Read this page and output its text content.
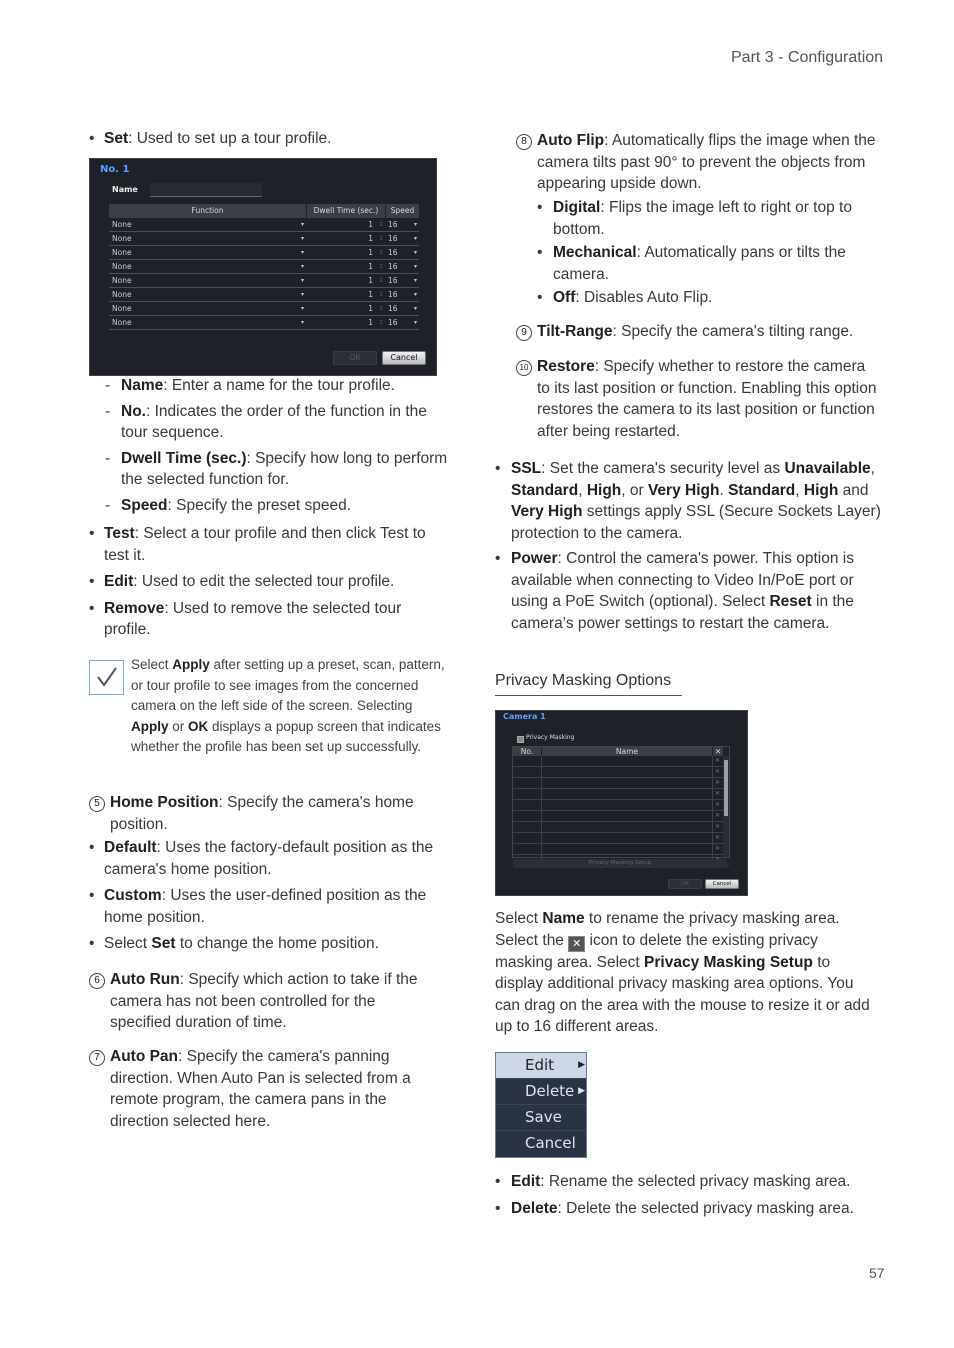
Part 3 - Configuration
• Set: Used to set up a tour profile.
No. 1
Name
Function	Dwell Time (sec.)	Speed
None	▾	1 ⁝ 16	▾
None	▾	1 ⁝ 16	▾
None	▾	1 ⁝ 16	▾
None	▾	1 ⁝ 16	▾
None	▾	1 ⁝ 16	▾
None	▾	1 ⁝ 16	▾
None	▾	1 ⁝ 16	▾
None	▾	1 ⁝ 16	▾
OK	Cancel
- Name: Enter a name for the tour profile.
- No.: Indicates the order of the function in the tour sequence.
- Dwell Time (sec.): Specify how long to perform the selected function for.
- Speed: Specify the preset speed.
• Test: Select a tour profile and then click Test to test it.
• Edit: Used to edit the selected tour profile.
• Remove: Used to remove the selected tour profile.
Select Apply after setting up a preset, scan, pattern, or tour profile to see images from the concerned camera on the left side of the screen. Selecting Apply or OK displays a popup screen that indicates whether the profile has been set up successfully.
5 Home Position: Specify the camera's home position.
• Default: Uses the factory-default position as the camera's home position.
• Custom: Uses the user-defined position as the home position.
• Select Set to change the home position.
6 Auto Run: Specify which action to take if the camera has not been controlled for the specified duration of time.
7 Auto Pan: Specify the camera's panning direction. When Auto Pan is selected from a remote program, the camera pans in the direction selected here.
8 Auto Flip: Automatically flips the image when the camera tilts past 90° to prevent the objects from appearing upside down.
• Digital: Flips the image left to right or top to bottom.
• Mechanical: Automatically pans or tilts the camera.
• Off: Disables Auto Flip.
9 Tilt-Range: Specify the camera's tilting range.
10 Restore: Specify whether to restore the camera to its last position or function. Enabling this option restores the camera to its last position or function after being restarted.
• SSL: Set the camera's security level as Unavailable, Standard, High, or Very High. Standard, High and Very High settings apply SSL (Secure Sockets Layer) protection to the camera.
• Power: Control the camera's power. This option is available when connecting to Video In/PoE port or using a PoE Switch (optional). Select Reset in the camera’s power settings to restart the camera.
Privacy Masking Options
Camera 1
Privacy Masking
No.	Name	✕
✕
✕
✕
✕
✕
✕
✕
✕
✕
Privacy Masking Setup
OK	Cancel
Select Name to rename the privacy masking area. Select the ✕ icon to delete the existing privacy masking area. Select Privacy Masking Setup to display additional privacy masking area options. You can drag on the area with the mouse to resize it or add up to 16 different areas.
Edit	▶
Delete ▶
Save
Cancel
• Edit: Rename the selected privacy masking area.
• Delete: Delete the selected privacy masking area.
57
